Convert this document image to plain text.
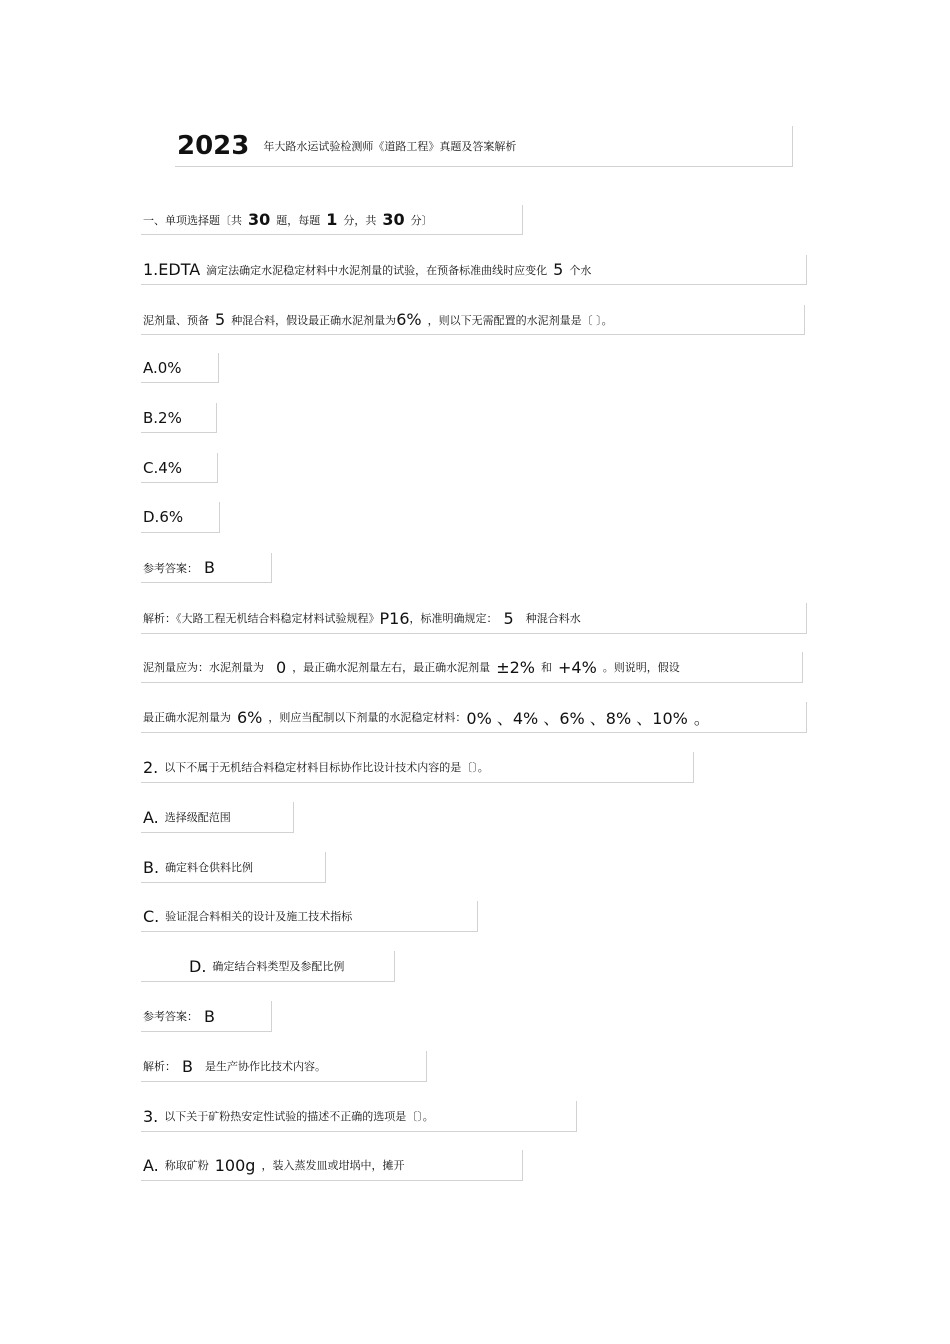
2023 年大路水运试验检测师《道路工程》真题及答案解析
一、单项选择题〔共 30 题，每题 1 分，共 30 分〕
1.EDTA 滴定法确定水泥稳定材料中水泥剂量的试验，在预备标准曲线时应变化 5 个水
泥剂量、预备 5 种混合料，假设最正确水泥剂量为 6% ，则以下无需配置的水泥剂量是〔 〕。
A.0%
B.2%
C.4%
D.6%
参考答案： B
解析：《大路工程无机结合料稳定材料试验规程》 P16 ，标准明确规定： 5 种混合料水
泥剂量应为：水泥剂量为 0 ，最正确水泥剂量左右，最正确水泥剂量 ±2% 和 +4% 。则说明，假设
最正确水泥剂量为 6% ，则应当配制以下剂量的水泥稳定材料： 0% 、4% 、6% 、8% 、10% 。
2. 以下不属于无机结合料稳定材料目标协作比设计技术内容的是〔〕。
A. 选择级配范围
B. 确定料仓供料比例
C. 验证混合料相关的设计及施工技术指标
D. 确定结合料类型及参配比例
参考答案： B
解析： B 是生产协作比技术内容。
3. 以下关于矿粉热安定性试验的描述不正确的选项是〔〕。
A. 称取矿粉 100g ，装入蒸发皿或坩埚中，摊开
